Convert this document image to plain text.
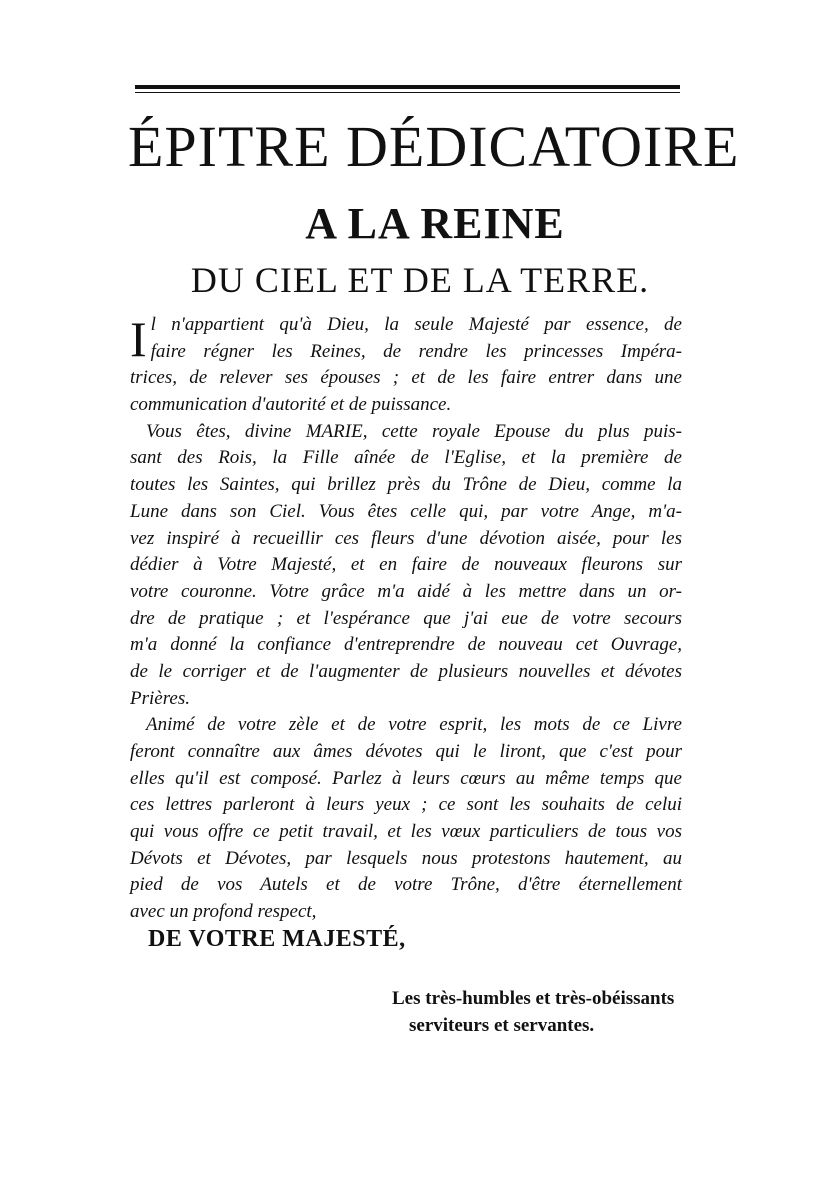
ÉPITRE DÉDICATOIRE
A LA REINE
DU CIEL ET DE LA TERRE.
I l n'appartient qu'à Dieu, la seule Majesté par essence, de
faire régner les Reines, de rendre les princesses Impéra-
trices, de relever ses épouses ; et de les faire entrer dans une
communication d'autorité et de puissance.
Vous êtes, divine MARIE, cette royale Epouse du plus puis-
sant des Rois, la Fille aînée de l'Eglise, et la première de
toutes les Saintes, qui brillez près du Trône de Dieu, comme la
Lune dans son Ciel. Vous êtes celle qui, par votre Ange, m'a-
vez inspiré à recueillir ces fleurs d'une dévotion aisée, pour les
dédier à Votre Majesté, et en faire de nouveaux fleurons sur
votre couronne. Votre grâce m'a aidé à les mettre dans un or-
dre de pratique ; et l'espérance que j'ai eue de votre secours
m'a donné la confiance d'entreprendre de nouveau cet Ouvrage,
de le corriger et de l'augmenter de plusieurs nouvelles et dévotes
Prières.
Animé de votre zèle et de votre esprit, les mots de ce Livre
feront connaître aux âmes dévotes qui le liront, que c'est pour
elles qu'il est composé. Parlez à leurs cœurs au même temps que
ces lettres parleront à leurs yeux ; ce sont les souhaits de celui
qui vous offre ce petit travail, et les vœux particuliers de tous vos
Dévots et Dévotes, par lesquels nous protestons hautement, au
pied de vos Autels et de votre Trône, d'être éternellement
avec un profond respect,
DE VOTRE MAJESTÉ,
Les très-humbles et très-obéissants
serviteurs et servantes.
